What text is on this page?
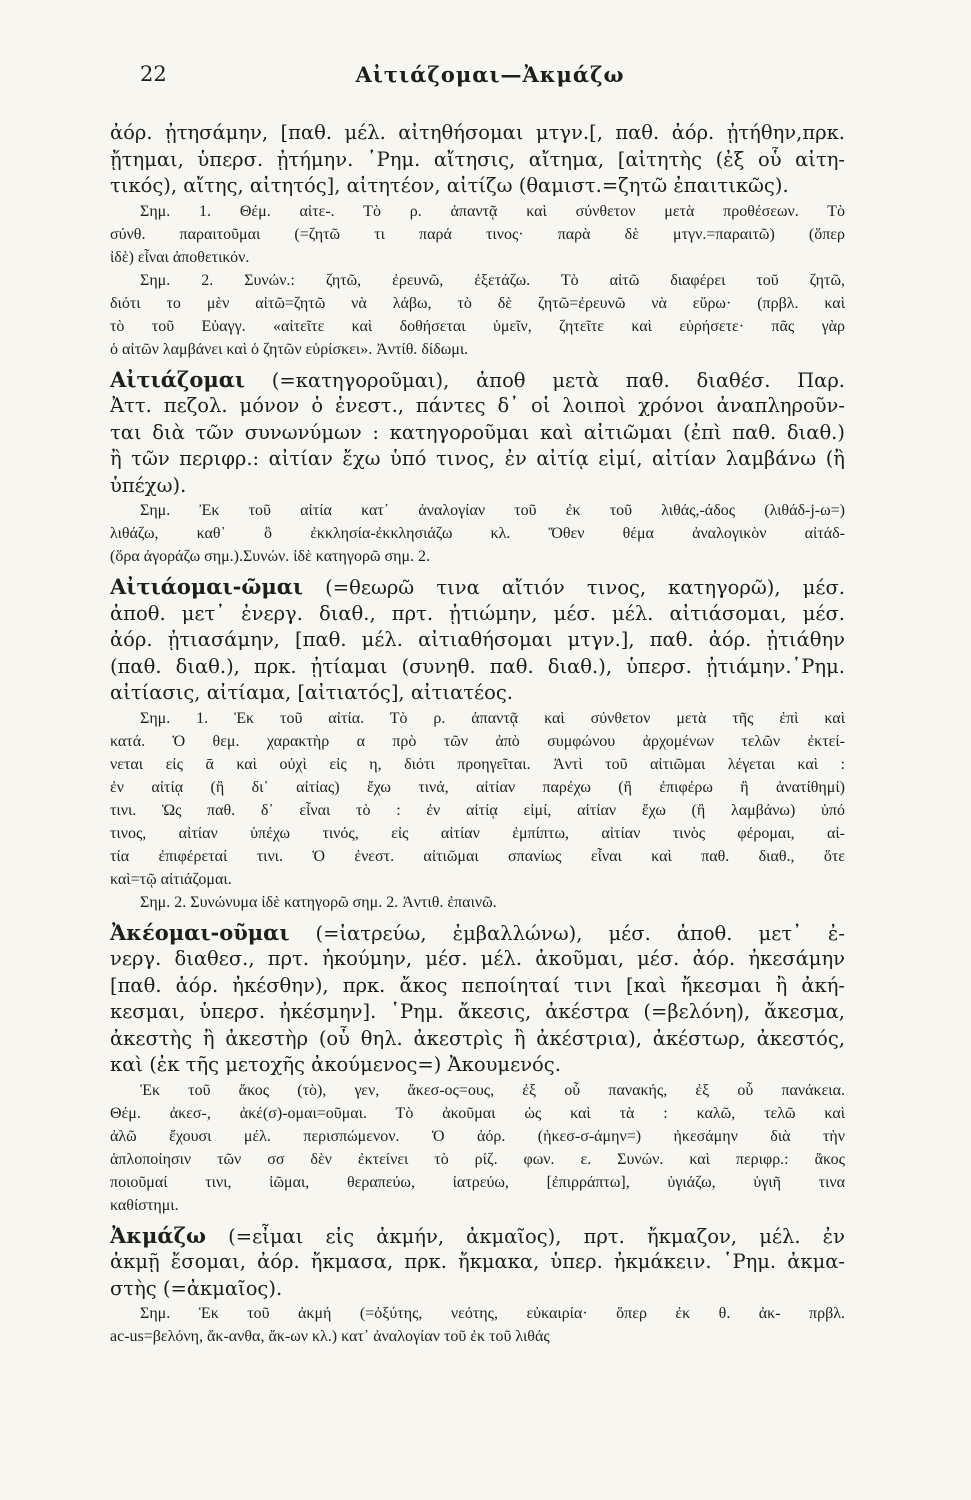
22	Αἰτιάζομαι—Ἀκμάζω
ἀόρ. ᾐτησάμην, [παθ. μέλ. αἰτηθήσομαι μτγν.[, παθ. ἀόρ. ᾐτήθην,πρκ.
ᾔτημαι, ὑπερσ. ᾐτήμην. ῾Ρημ. αἴτησις, αἴτημα, [αἰτητὴς (ἐξ οὗ αἰτη-
τικός), αἴτης, αἰτητός], αἰτητέον, αἰτίζω (θαμιστ.=ζητῶ ἐπαιτικῶς).
Σημ. 1. Θέμ. αἰτε-. Τὸ ρ. ἀπαντᾷ καὶ σύνθετον μετὰ προθέσεων. Τὸ
σύνθ. παραιτοῦμαι (=ζητῶ τι παρά τινος· παρὰ δὲ μτγν.=παραιτῶ) (ὅπερ
ἰδὲ) εἶναι ἀποθετικόν.
Σημ. 2. Συνών.: ζητῶ, ἐρευνῶ, ἐξετάζω. Τὸ αἰτῶ διαφέρει τοῦ ζητῶ,
διότι το μὲν αἰτῶ=ζητῶ νὰ λάβω, τὸ δὲ ζητῶ=ἐρευνῶ νὰ εὕρω· (πρβλ. καὶ
τὸ τοῦ Εὐαγγ. «αἰτεῖτε καὶ δοθήσεται ὑμεῖν, ζητεῖτε καὶ εὑρήσετε· πᾶς γὰρ
ὁ αἰτῶν λαμβάνει καὶ ὁ ζητῶν εὑρίσκει». Ἀντίθ. δίδωμι.
Αἰτιάζομαι (=κατηγοροῦμαι), ἀποθ μετὰ παθ. διαθέσ. Παρ.
Ἀττ. πεζολ. μόνον ὁ ἐνεστ., πάντες δ᾽ οἱ λοιποὶ χρόνοι ἀναπληροῦν-
ται διὰ τῶν συνωνύμων : κατηγοροῦμαι καὶ αἰτιῶμαι (ἐπὶ παθ. διαθ.)
ἢ τῶν περιφρ.: αἰτίαν ἔχω ὑπό τινος, ἐν αἰτίᾳ εἰμί, αἰτίαν λαμβάνω (ἢ
ὑπέχω).
Σημ. Ἐκ τοῦ αἰτία κατ᾽ ἀναλογίαν τοῦ ἐκ τοῦ λιθάς,-άδος (λιθάδ-j-ω=)
λιθάζω, καθ᾽ ὃ ἐκκλησία-ἐκκλησιάζω κλ. Ὅθεν θέμα ἀναλογικὸν αἰτάδ-
(ὅρα ἀγοράζω σημ.).Συνών. ἰδὲ κατηγορῶ σημ. 2.
Αἰτιάομαι-ῶμαι (=θεωρῶ τινα αἴτιόν τινος, κατηγορῶ), μέσ.
ἀποθ. μετ᾽ ἐνεργ. διαθ., πρτ. ᾐτιώμην, μέσ. μέλ. αἰτιάσομαι, μέσ.
ἀόρ. ᾐτιασάμην, [παθ. μέλ. αἰτιαθήσομαι μτγν.], παθ. ἀόρ. ᾐτιάθην
(παθ. διαθ.), πρκ. ᾐτίαμαι (συνηθ. παθ. διαθ.), ὑπερσ. ᾐτιάμην.῾Ρημ.
αἰτίασις, αἰτίαμα, [αἰτιατός], αἰτιατέος.
Σημ. 1. Ἐκ τοῦ αἰτία. Τὸ ρ. ἀπαντᾷ καὶ σύνθετον μετὰ τῆς ἐπὶ καὶ
κατά. Ὁ θεμ. χαρακτὴρ α πρὸ τῶν ἀπὸ συμφώνου ἀρχομένων τελῶν ἐκτεί-
νεται εἰς ᾱ καὶ οὐχὶ εἰς η, διότι προηγεῖται. Ἀντὶ τοῦ αἰτιῶμαι λέγεται καὶ :
ἐν αἰτίᾳ (ἢ δι᾽ αἰτίας) ἔχω τινά, αἰτίαν παρέχω (ἢ ἐπιφέρω ἢ ἀνατίθημί)
τινι. Ὡς παθ. δ᾽ εἶναι τὸ : ἐν αἰτίᾳ εἰμί, αἰτίαν ἔχω (ἢ λαμβάνω) ὑπό
τινος, αἰτίαν ὑπέχω τινός, εἰς αἰτίαν ἐμπίπτω, αἰτίαν τινὸς φέρομαι, αἰ-
τία ἐπιφέρεταί τινι. Ὁ ἐνεστ. αἰτιῶμαι σπανίως εἶναι καὶ παθ. διαθ., ὅτε
καὶ=τῷ αἰτιάζομαι.
Σημ. 2. Συνώνυμα ἰδὲ κατηγορῶ σημ. 2. Ἀντιθ. ἐπαινῶ.
Ἀκέομαι-οῦμαι (=ἰατρεύω, ἐμβαλλώνω), μέσ. ἀποθ. μετ᾽ ἐ-
νεργ. διαθεσ., πρτ. ἠκούμην, μέσ. μέλ. ἀκοῦμαι, μέσ. ἀόρ. ἠκεσάμην
[παθ. ἀόρ. ἠκέσθην), πρκ. ἄκος πεποίηταί τινι [καὶ ἤκεσμαι ἢ ἀκή-
κεσμαι, ὑπερσ. ἠκέσμην]. ῾Ρημ. ἄκεσις, ἀκέστρα (=βελόνη), ἄκεσμα,
ἀκεστὴς ἢ ἀκεστὴρ (οὗ θηλ. ἀκεστρὶς ἢ ἀκέστρια), ἀκέστωρ, ἀκεστός,
καὶ (ἐκ τῆς μετοχῆς ἀκούμενος=) Ἀκουμενός.
Ἐκ τοῦ ἄκος (τὸ), γεν, ἄκεσ-ος=ους, ἐξ οὗ πανακής, ἐξ οὗ πανάκεια.
Θέμ. ἀκεσ-, ἀκέ(σ)-ομαι=οῦμαι. Τὸ ἀκοῦμαι ὡς καὶ τὰ : καλῶ, τελῶ καὶ
ἀλῶ ἔχουσι μέλ. περισπώμενον. Ὁ ἀόρ. (ἠκεσ-σ-άμην=) ἠκεσάμην διὰ τὴν
ἁπλοποίησιν τῶν σσ δὲν ἐκτείνει τὸ ρίζ. φων. ε. Συνών. καὶ περιφρ.: ἄκος
ποιοῦμαί τινι, ἰῶμαι, θεραπεύω, ἰατρεύω, [ἐπιρράπτω], ὑγιάζω, ὑγιῆ τινα
καθίστημι.
Ἀκμάζω (=εἶμαι εἰς ἀκμήν, ἀκμαῖος), πρτ. ἤκμαζον, μέλ. ἐν
ἀκμῇ ἔσομαι, ἀόρ. ἤκμασα, πρκ. ἤκμακα, ὑπερ. ἠκμάκειν. ῾Ρημ. ἀκμα-
στὴς (=ἀκμαῖος).
Σημ. Ἐκ τοῦ ἀκμή (=ὀξύτης, νεότης, εὐκαιρία· ὅπερ ἐκ θ. ἀκ- πρβλ.
ac-us=βελόνη, ἄκ-ανθα, ἄκ-ων κλ.) κατ᾽ ἀναλογίαν τοῦ ἐκ τοῦ λιθάς
